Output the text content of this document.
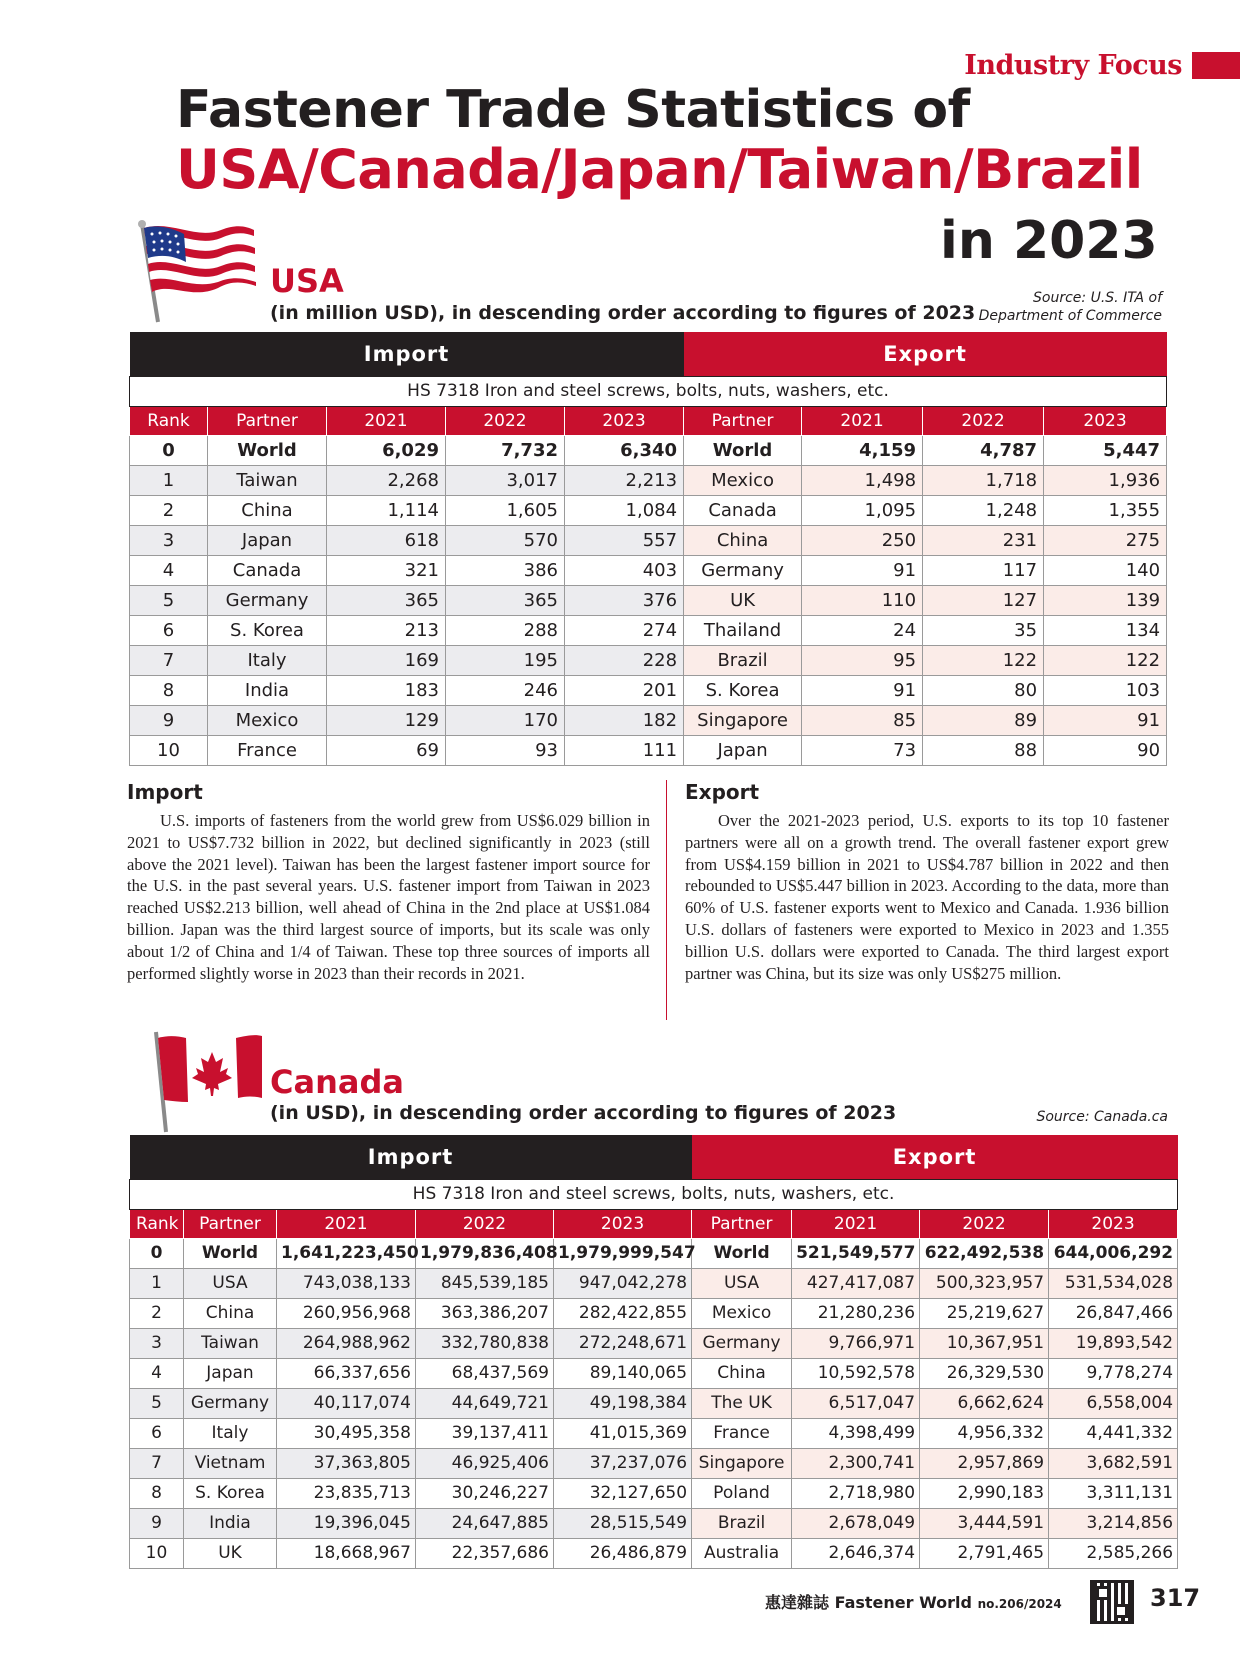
Industry Focus
Fastener Trade Statistics of
USA/Canada/Japan/Taiwan/Brazil
in 2023
USA
(in million USD), in descending order according to figures of 2023
Source: U.S. ITA of
Department of Commerce
Import					Export			
HS 7318 Iron and steel screws, bolts, nuts, washers, etc.								
Rank	Partner	2021	2022	2023	Partner	2021	2022	2023
0	World	6,029	7,732	6,340	World	4,159	4,787	5,447
1	Taiwan	2,268	3,017	2,213	Mexico	1,498	1,718	1,936
2	China	1,114	1,605	1,084	Canada	1,095	1,248	1,355
3	Japan	618	570	557	China	250	231	275
4	Canada	321	386	403	Germany	91	117	140
5	Germany	365	365	376	UK	110	127	139
6	S. Korea	213	288	274	Thailand	24	35	134
7	Italy	169	195	228	Brazil	95	122	122
8	India	183	246	201	S. Korea	91	80	103
9	Mexico	129	170	182	Singapore	85	89	91
10	France	69	93	111	Japan	73	88	90
Import
U.S. imports of fasteners from the world grew from US$6.029 billion in 2021 to US$7.732 billion in 2022, but declined significantly in 2023 (still above the 2021 level). Taiwan has been the largest fastener import source for the U.S. in the past several years. U.S. fastener import from Taiwan in 2023 reached US$2.213 billion, well ahead of China in the 2nd place at US$1.084 billion. Japan was the third largest source of imports, but its scale was only about 1/2 of China and 1/4 of Taiwan. These top three sources of imports all performed slightly worse in 2023 than their records in 2021.
Export
Over the 2021-2023 period, U.S. exports to its top 10 fastener partners were all on a growth trend. The overall fastener export grew from US$4.159 billion in 2021 to US$4.787 billion in 2022 and then rebounded to US$5.447 billion in 2023. According to the data, more than 60% of U.S. fastener exports went to Mexico and Canada. 1.936 billion U.S. dollars of fasteners were exported to Mexico in 2023 and 1.355 billion U.S. dollars were exported to Canada. The third largest export partner was China, but its size was only US$275 million.
Canada
(in USD), in descending order according to figures of 2023	Source: Canada.ca
Import					Export			
HS 7318 Iron and steel screws, bolts, nuts, washers, etc.								
Rank	Partner	2021	2022	2023	Partner	2021	2022	2023
0	World	1,641,223,450	1,979,836,408	1,979,999,547	World	521,549,577	622,492,538	644,006,292
1	USA	743,038,133	845,539,185	947,042,278	USA	427,417,087	500,323,957	531,534,028
2	China	260,956,968	363,386,207	282,422,855	Mexico	21,280,236	25,219,627	26,847,466
3	Taiwan	264,988,962	332,780,838	272,248,671	Germany	9,766,971	10,367,951	19,893,542
4	Japan	66,337,656	68,437,569	89,140,065	China	10,592,578	26,329,530	9,778,274
5	Germany	40,117,074	44,649,721	49,198,384	The UK	6,517,047	6,662,624	6,558,004
6	Italy	30,495,358	39,137,411	41,015,369	France	4,398,499	4,956,332	4,441,332
7	Vietnam	37,363,805	46,925,406	37,237,076	Singapore	2,300,741	2,957,869	3,682,591
8	S. Korea	23,835,713	30,246,227	32,127,650	Poland	2,718,980	2,990,183	3,311,131
9	India	19,396,045	24,647,885	28,515,549	Brazil	2,678,049	3,444,591	3,214,856
10	UK	18,668,967	22,357,686	26,486,879	Australia	2,646,374	2,791,465	2,585,266
惠達雜誌 Fastener World no.206/2024	317
